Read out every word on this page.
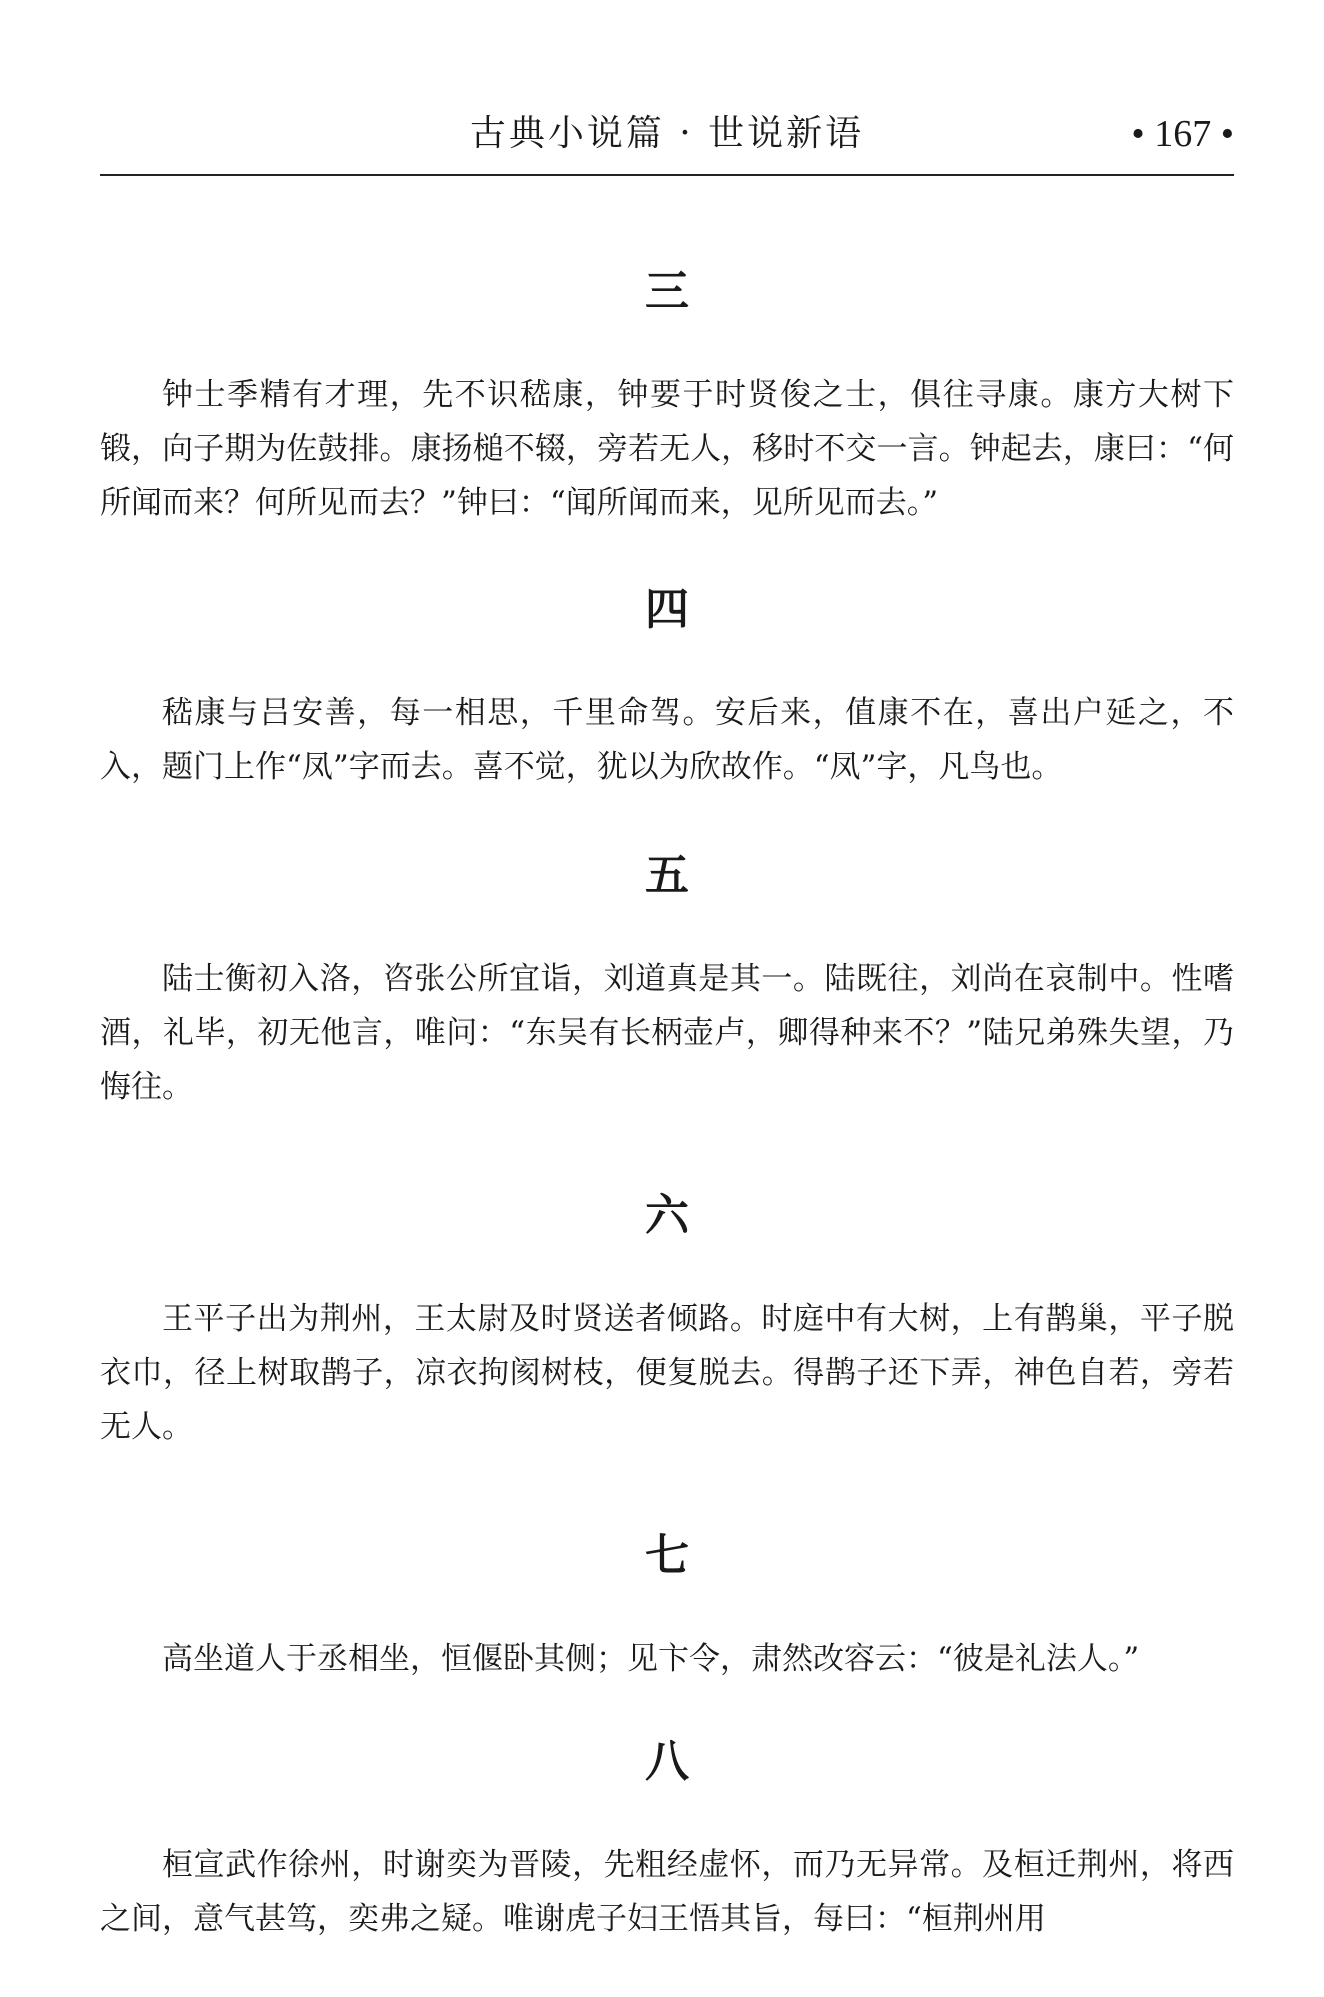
古典小说篇 · 世说新语	• 167 •
三

钟士季精有才理，先不识嵇康，钟要于时贤俊之士，俱往寻康。康方大树下锻，向子期为佐鼓排。康扬槌不辍，旁若无人，移时不交一言。钟起去，康曰：“何所闻而来？何所见而去？”钟曰：“闻所闻而来，见所见而去。”

四

嵇康与吕安善，每一相思，千里命驾。安后来，值康不在，喜出户延之，不入，题门上作“凤”字而去。喜不觉，犹以为欣故作。“凤”字，凡鸟也。

五

陆士衡初入洛，咨张公所宜诣，刘道真是其一。陆既往，刘尚在哀制中。性嗜酒，礼毕，初无他言，唯问：“东吴有长柄壶卢，卿得种来不？”陆兄弟殊失望，乃悔往。

六

王平子出为荆州，王太尉及时贤送者倾路。时庭中有大树，上有鹊巢，平子脱衣巾，径上树取鹊子，凉衣拘阂树枝，便复脱去。得鹊子还下弄，神色自若，旁若无人。

七

高坐道人于丞相坐，恒偃卧其侧；见卞令，肃然改容云：“彼是礼法人。”

八

桓宣武作徐州，时谢奕为晋陵，先粗经虚怀，而乃无异常。及桓迁荆州，将西之间，意气甚笃，奕弗之疑。唯谢虎子妇王悟其旨，每曰：“桓荆州用
